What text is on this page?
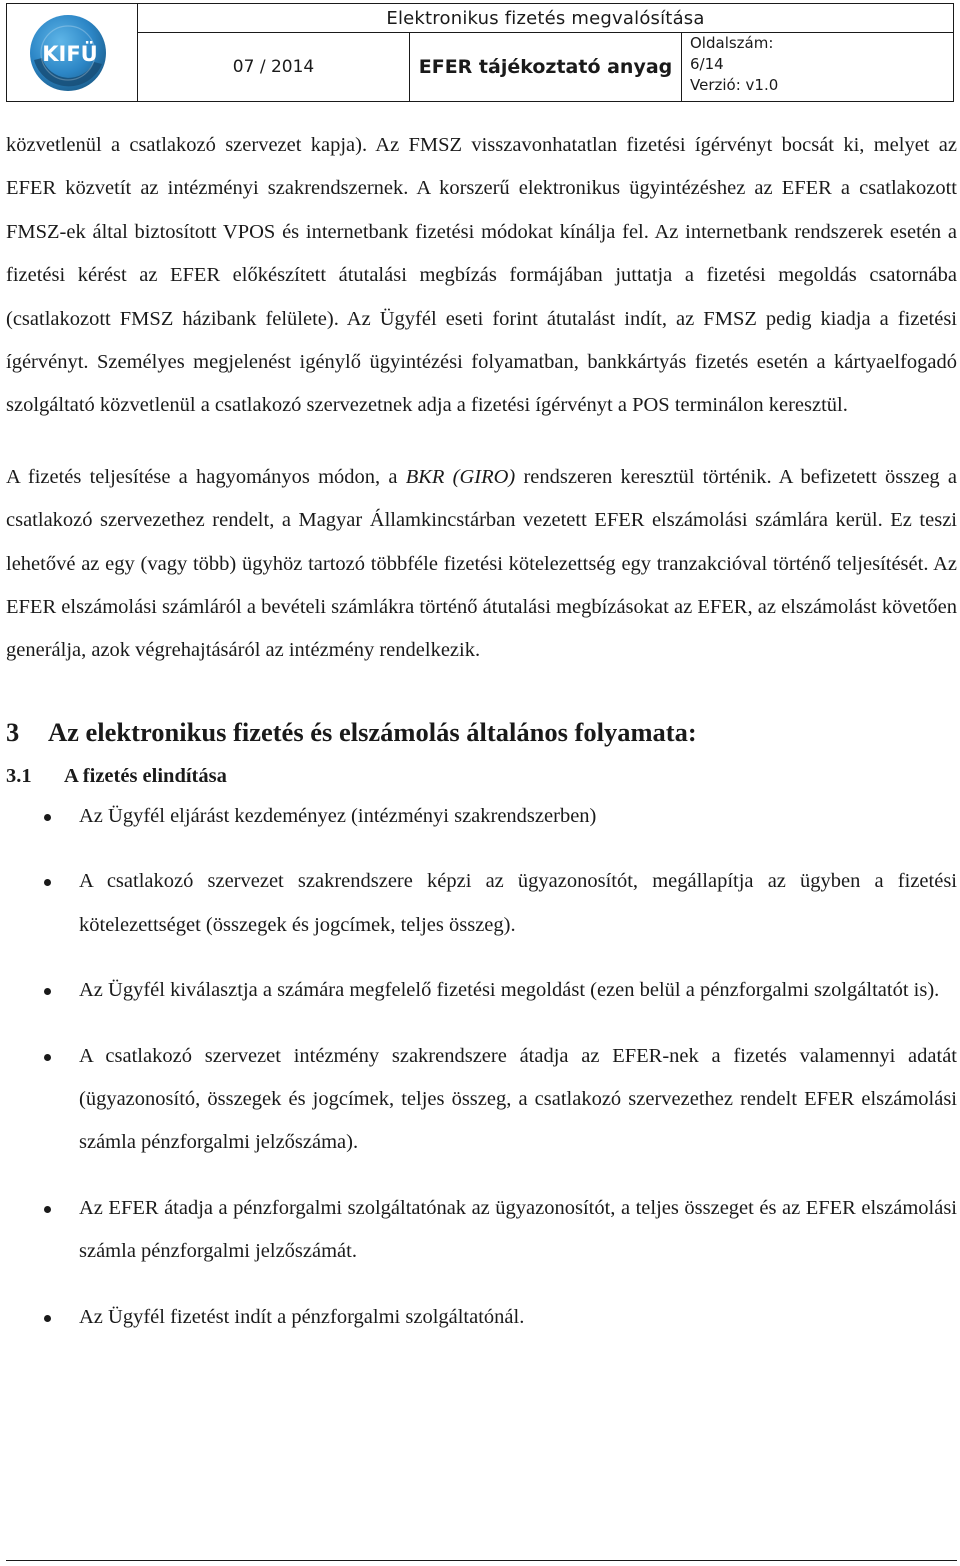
KIFÜ	Elektronikus fizetés megvalósítása		
	07 / 2014	EFER tájékoztató anyag	Oldalszám:
6/14
Verzió: v1.0

közvetlenül a csatlakozó szervezet kapja). Az FMSZ visszavonhatatlan fizetési ígérvényt bocsát ki, melyet az EFER közvetít az intézményi szakrendszernek. A korszerű elektronikus ügyintézéshez az EFER a csatlakozott FMSZ-ek által biztosított VPOS és internetbank fizetési módokat kínálja fel. Az internetbank rendszerek esetén a fizetési kérést az EFER előkészített átutalási megbízás formájában juttatja a fizetési megoldás csatornába (csatlakozott FMSZ házibank felülete). Az Ügyfél eseti forint átutalást indít, az FMSZ pedig kiadja a fizetési ígérvényt. Személyes megjelenést igénylő ügyintézési folyamatban, bankkártyás fizetés esetén a kártyaelfogadó szolgáltató közvetlenül a csatlakozó szervezetnek adja a fizetési ígérvényt a POS terminálon keresztül.

A fizetés teljesítése a hagyományos módon, a BKR (GIRO) rendszeren keresztül történik. A befizetett összeg a csatlakozó szervezethez rendelt, a Magyar Államkincstárban vezetett EFER elszámolási számlára kerül. Ez teszi lehetővé az egy (vagy több) ügyhöz tartozó többféle fizetési kötelezettség egy tranzakcióval történő teljesítését. Az EFER elszámolási számláról a bevételi számlákra történő átutalási megbízásokat az EFER, az elszámolást követően generálja, azok végrehajtásáról az intézmény rendelkezik.

3 Az elektronikus fizetés és elszámolás általános folyamata:
3.1 A fizetés elindítása
Az Ügyfél eljárást kezdeményez (intézményi szakrendszerben)
A csatlakozó szervezet szakrendszere képzi az ügyazonosítót, megállapítja az ügyben a fizetési kötelezettséget (összegek és jogcímek, teljes összeg).
Az Ügyfél kiválasztja a számára megfelelő fizetési megoldást (ezen belül a pénzforgalmi szolgáltatót is).
A csatlakozó szervezet intézmény szakrendszere átadja az EFER-nek a fizetés valamennyi adatát (ügyazonosító, összegek és jogcímek, teljes összeg, a csatlakozó szervezethez rendelt EFER elszámolási számla pénzforgalmi jelzőszáma).
Az EFER átadja a pénzforgalmi szolgáltatónak az ügyazonosítót, a teljes összeget és az EFER elszámolási számla pénzforgalmi jelzőszámát.
Az Ügyfél fizetést indít a pénzforgalmi szolgáltatónál.
